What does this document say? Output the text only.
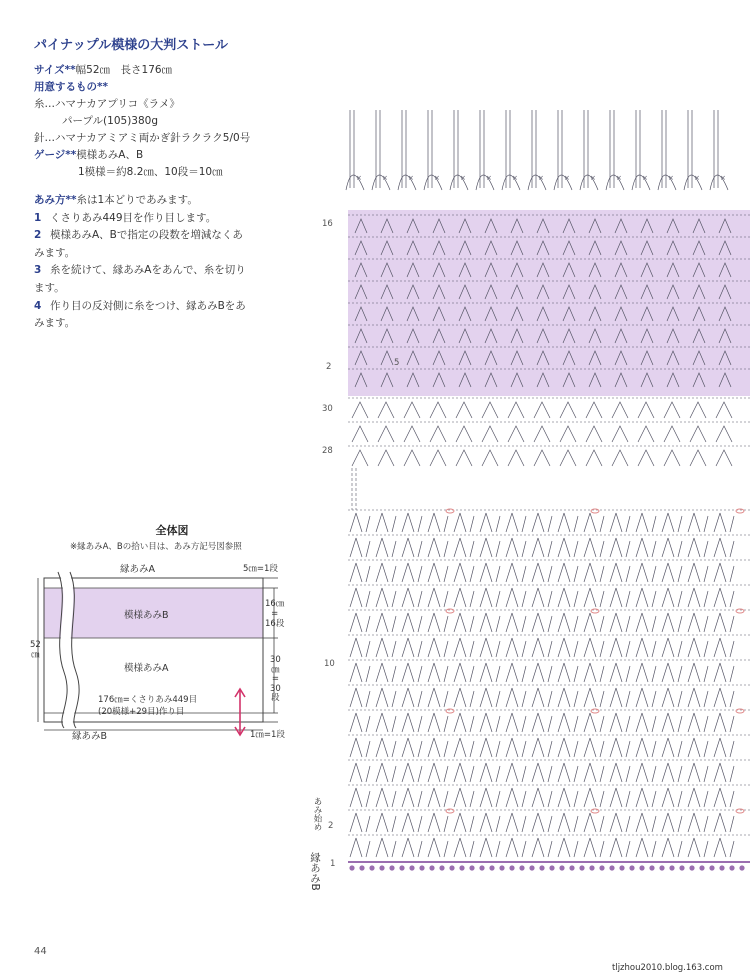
パイナップル模様の大判ストール
サイズ**幅52㎝　長さ176㎝
用意するもの**
糸…ハマナカアプリコ《ラメ》
パープル(105)380g
針…ハマナカアミアミ両かぎ針ラクラク5/0号
ゲージ**模様あみA、B
1模様＝約8.2㎝、10段＝10㎝
あみ方**糸は1本どりであみます。
1 くさりあみ449目を作り目します。
2 模様あみA、Bで指定の段数を増減なくあ
みます。
3 糸を続けて、縁あみAをあんで、糸を切り
ます。
4 作り目の反対側に糸をつけ、縁あみBをあ
みます。
全体図
※縁あみA、Bの拾い目は、あみ方記号図参照
縁あみA
模様あみB
模様あみA
縁あみB
52
㎝
5㎝=1段
16㎝
=
16段
30
㎝
=
30
段
1㎝=1段
176㎝=くさりあみ449目
(20模様+29目)作り目
×	×	×	×	×	×	×	×	×	×	×	×	×	×	×
16
2
30
28
10
2
1
5
あみ始め
縁あみB
44
tljzhou2010.blog.163.com
